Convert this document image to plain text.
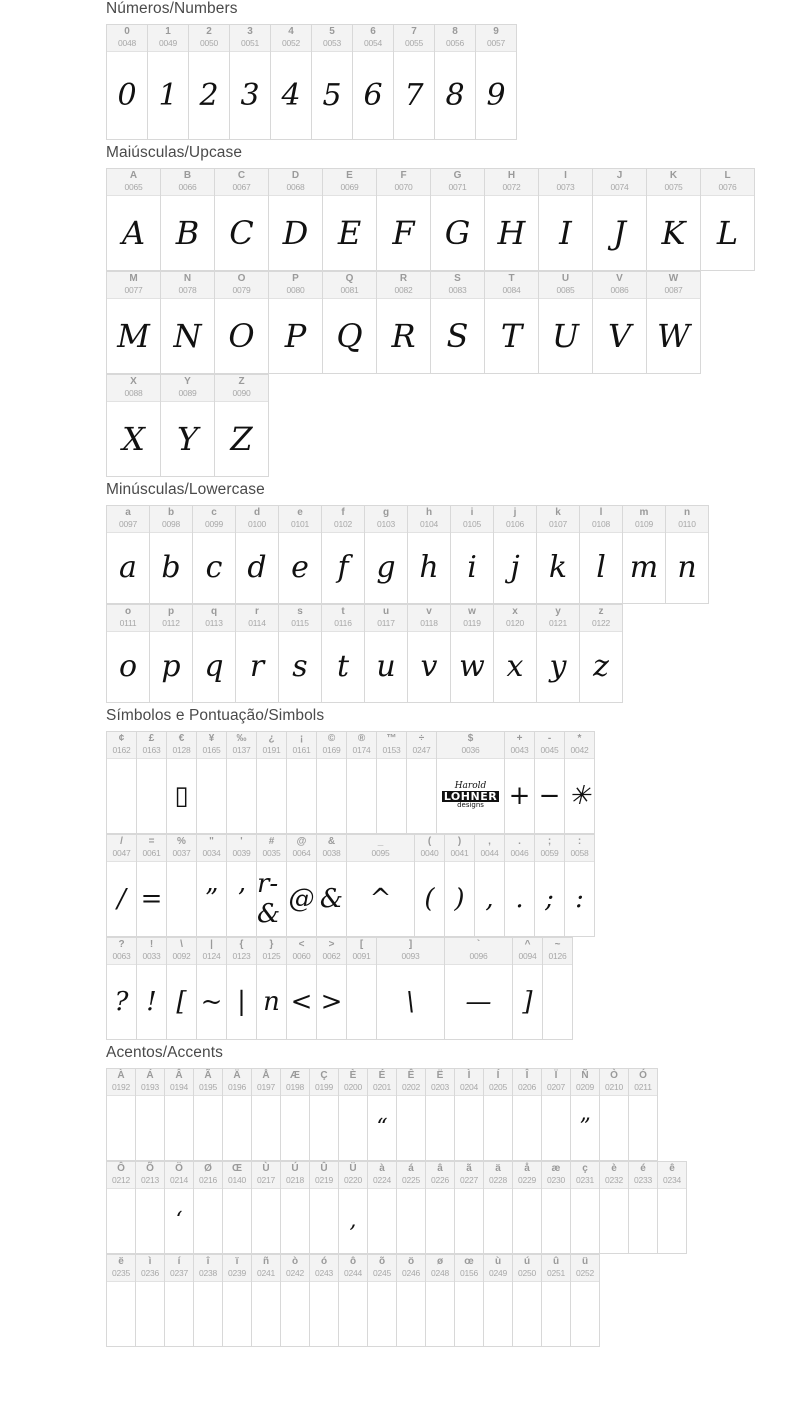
Números/Numbers
0
0048
0
1
0049
1
2
0050
2
3
0051
3
4
0052
4
5
0053
5
6
0054
6
7
0055
7
8
0056
8
9
0057
9
Maiúsculas/Upcase
A
0065
A
B
0066
B
C
0067
C
D
0068
D
E
0069
E
F
0070
F
G
0071
G
H
0072
H
I
0073
I
J
0074
J
K
0075
K
L
0076
L
M
0077
M
N
0078
N
O
0079
O
P
0080
P
Q
0081
Q
R
0082
R
S
0083
S
T
0084
T
U
0085
U
V
0086
V
W
0087
W
X
0088
X
Y
0089
Y
Z
0090
Z
Minúsculas/Lowercase
a
0097
a
b
0098
b
c
0099
c
d
0100
d
e
0101
e
f
0102
f
g
0103
g
h
0104
h
i
0105
i
j
0106
j
k
0107
k
l
0108
l
m
0109
m
n
0110
n
o
0111
o
p
0112
p
q
0113
q
r
0114
r
s
0115
s
t
0116
t
u
0117
u
v
0118
v
w
0119
w
x
0120
x
y
0121
y
z
0122
z
Símbolos e Pontuação/Simbols
¢
0162
£
0163
€
0128
▯
¥
0165
‰
0137
¿
0191
¡
0161
©
0169
®
0174
™
0153
÷
0247
$
0036
Harold
LOHNER
designs
+
0043
+
-
0045
−
*
0042
✳
/
0047
/
=
0061
=
%
0037
"
0034
”
'
0039
’
#
0035
r-&
@
0064
@
&
0038
&
_
0095
^
(
0040
(
)
0041
)
,
0044
,
.
0046
.
;
0059
;
:
0058
:
?
0063
?
!
0033
!
\
0092
[
|
0124
~
{
0123
|
}
0125
n
<
0060
<
>
0062
>
[
0091
]
0093
\
`
0096
—
^
0094
]
~
0126
Acentos/Accents
À
0192
Á
0193
Â
0194
Ã
0195
Ä
0196
Å
0197
Æ
0198
Ç
0199
È
0200
É
0201
“
Ê
0202
Ë
0203
Ì
0204
Í
0205
Î
0206
Ï
0207
Ñ
0209
”
Ò
0210
Ó
0211
Ô
0212
Õ
0213
Ö
0214
‘
Ø
0216
Œ
0140
Ù
0217
Ú
0218
Û
0219
Ü
0220
,
à
0224
á
0225
â
0226
ã
0227
ä
0228
å
0229
æ
0230
ç
0231
è
0232
é
0233
ê
0234
ë
0235
ì
0236
í
0237
î
0238
ï
0239
ñ
0241
ò
0242
ó
0243
ô
0244
õ
0245
ö
0246
ø
0248
œ
0156
ù
0249
ú
0250
û
0251
ü
0252
